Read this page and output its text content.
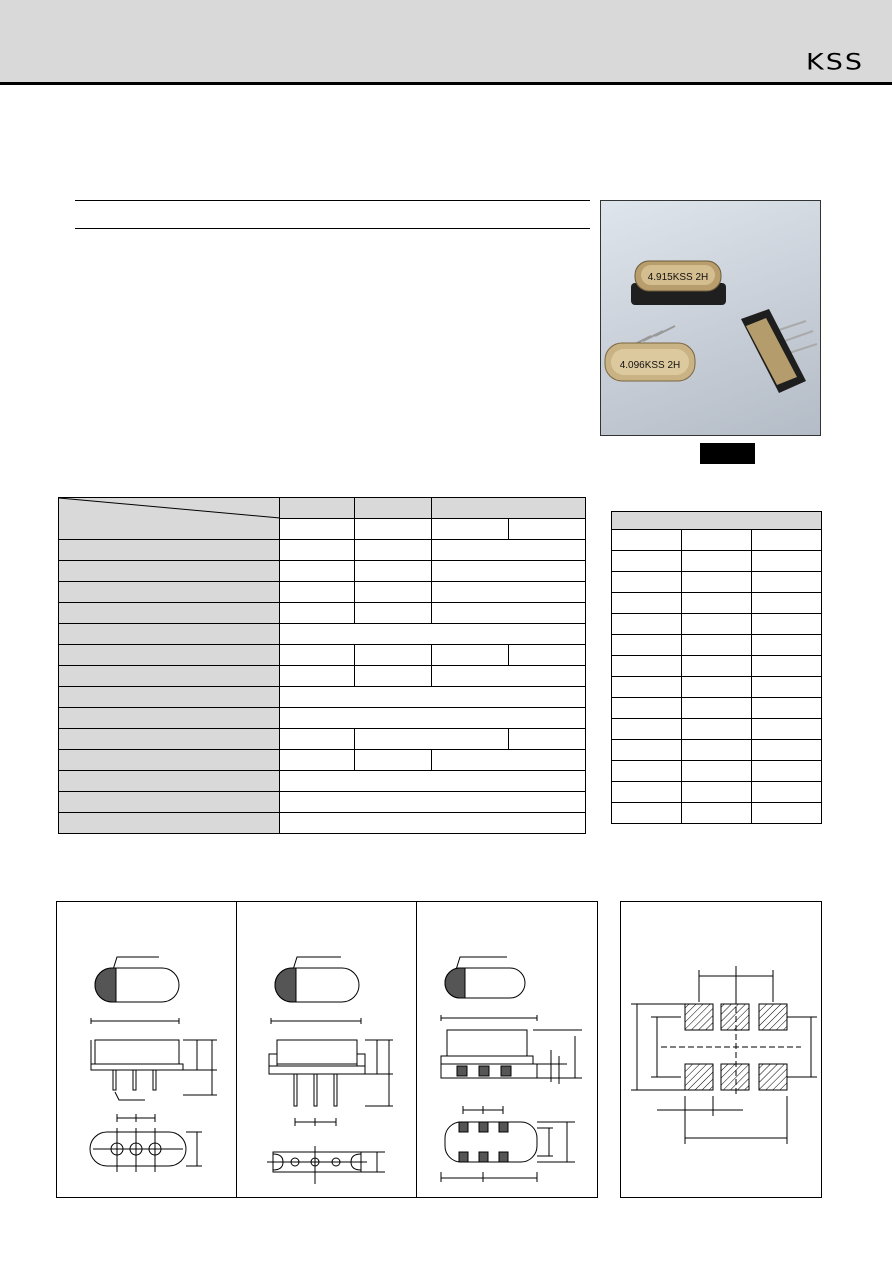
KSS
4.915KSS 2H
4.096KSS 2H
